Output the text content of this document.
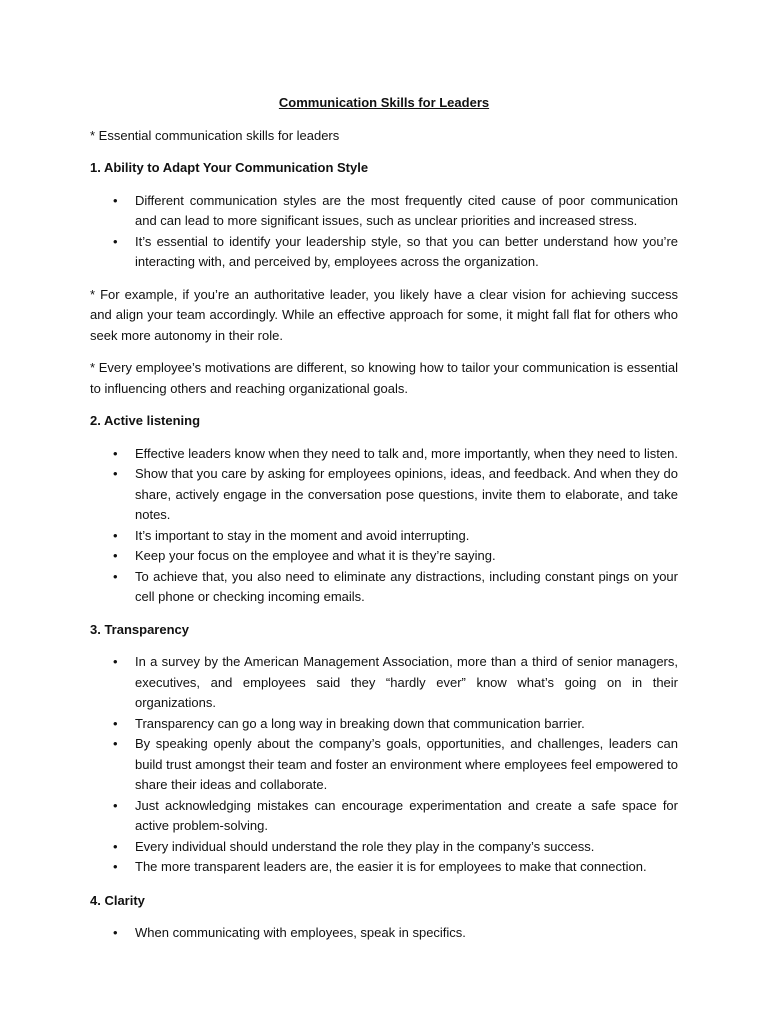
Communication Skills for Leaders

* Essential communication skills for leaders

1. Ability to Adapt Your Communication Style
• Different communication styles are the most frequently cited cause of poor communication and can lead to more significant issues, such as unclear priorities and increased stress.
• It’s essential to identify your leadership style, so that you can better understand how you’re interacting with, and perceived by, employees across the organization.

* For example, if you’re an authoritative leader, you likely have a clear vision for achieving success and align your team accordingly. While an effective approach for some, it might fall flat for others who seek more autonomy in their role.

* Every employee’s motivations are different, so knowing how to tailor your communication is essential to influencing others and reaching organizational goals.

2. Active listening
• Effective leaders know when they need to talk and, more importantly, when they need to listen.
• Show that you care by asking for employees opinions, ideas, and feedback. And when they do share, actively engage in the conversation pose questions, invite them to elaborate, and take notes.
• It’s important to stay in the moment and avoid interrupting.
• Keep your focus on the employee and what it is they’re saying.
• To achieve that, you also need to eliminate any distractions, including constant pings on your cell phone or checking incoming emails.
3. Transparency
• In a survey by the American Management Association, more than a third of senior managers, executives, and employees said they “hardly ever” know what’s going on in their organizations.
• Transparency can go a long way in breaking down that communication barrier.
• By speaking openly about the company’s goals, opportunities, and challenges, leaders can build trust amongst their team and foster an environment where employees feel empowered to share their ideas and collaborate.
• Just acknowledging mistakes can encourage experimentation and create a safe space for active problem-solving.
• Every individual should understand the role they play in the company’s success.
• The more transparent leaders are, the easier it is for employees to make that connection.
4. Clarity
• When communicating with employees, speak in specifics.
